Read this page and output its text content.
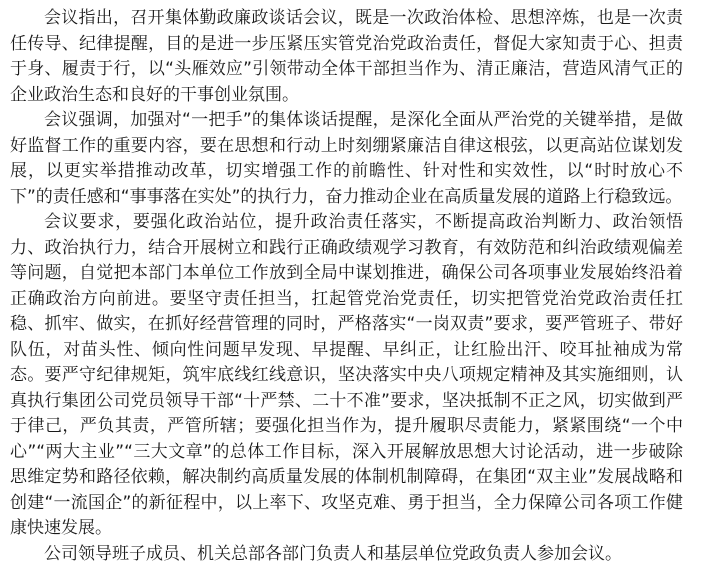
会议指出，召开集体勤政廉政谈话会议，既是一次政治体检、思想淬炼，也是一次责任传导、纪律提醒，目的是进一步压紧压实管党治党政治责任，督促大家知责于心、担责于身、履责于行，以“头雁效应”引领带动全体干部担当作为、清正廉洁，营造风清气正的企业政治生态和良好的干事创业氛围。

会议强调，加强对“一把手”的集体谈话提醒，是深化全面从严治党的关键举措，是做好监督工作的重要内容，要在思想和行动上时刻绷紧廉洁自律这根弦，以更高站位谋划发展，以更实举措推动改革，切实增强工作的前瞻性、针对性和实效性，以“时时放心不下”的责任感和“事事落在实处”的执行力，奋力推动企业在高质量发展的道路上行稳致远。

会议要求，要强化政治站位，提升政治责任落实，不断提高政治判断力、政治领悟力、政治执行力，结合开展树立和践行正确政绩观学习教育，有效防范和纠治政绩观偏差等问题，自觉把本部门本单位工作放到全局中谋划推进，确保公司各项事业发展始终沿着正确政治方向前进。要坚守责任担当，扛起管党治党责任，切实把管党治党政治责任扛稳、抓牢、做实，在抓好经营管理的同时，严格落实“一岗双责”要求，要严管班子、带好队伍，对苗头性、倾向性问题早发现、早提醒、早纠正，让红脸出汗、咬耳扯袖成为常态。要严守纪律规矩，筑牢底线红线意识，坚决落实中央八项规定精神及其实施细则，认真执行集团公司党员领导干部“十严禁、二十不准”要求，坚决抵制不正之风，切实做到严于律己，严负其责，严管所辖；要强化担当作为，提升履职尽责能力，紧紧围绕“一个中心”“两大主业”“三大文章”的总体工作目标，深入开展解放思想大讨论活动，进一步破除思维定势和路径依赖，解决制约高质量发展的体制机制障碍，在集团“双主业”发展战略和创建“一流国企”的新征程中，以上率下、攻坚克难、勇于担当，全力保障公司各项工作健康快速发展。

公司领导班子成员、机关总部各部门负责人和基层单位党政负责人参加会议。
